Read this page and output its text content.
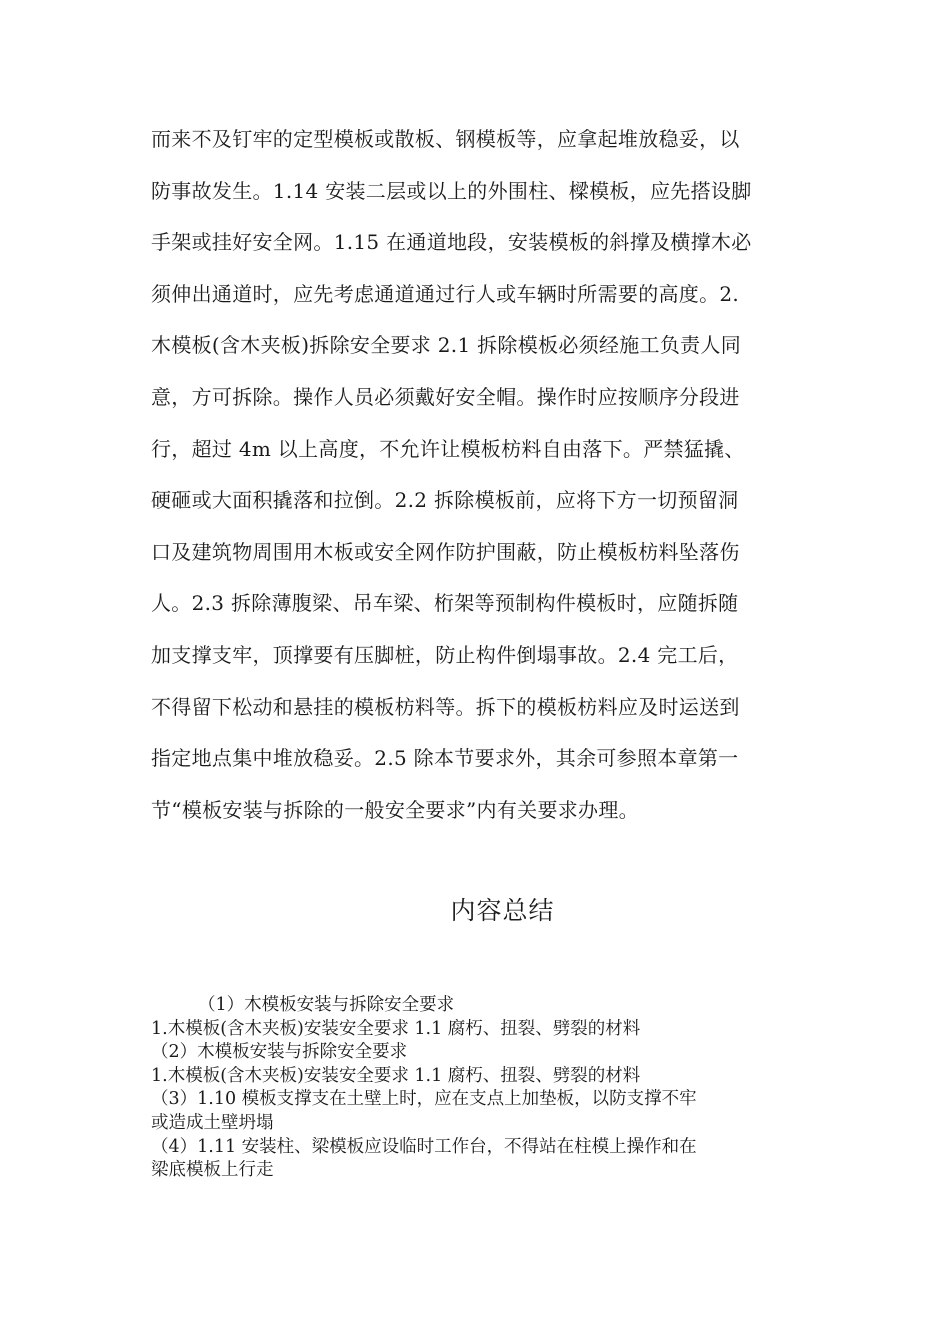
而来不及钉牢的定型模板或散板、钢模板等，应拿起堆放稳妥，以
防事故发生。1.14 安装二层或以上的外围柱、樑模板，应先搭设脚
手架或挂好安全网。1.15 在通道地段，安装模板的斜撑及横撑木必
须伸出通道时，应先考虑通道通过行人或车辆时所需要的高度。2.
木模板(含木夹板)拆除安全要求 2.1 拆除模板必须经施工负责人同
意，方可拆除。操作人员必须戴好安全帽。操作时应按顺序分段进
行，超过 4m 以上高度，不允许让模板枋料自由落下。严禁猛撬、
硬砸或大面积撬落和拉倒。2.2 拆除模板前，应将下方一切预留洞
口及建筑物周围用木板或安全网作防护围蔽，防止模板枋料坠落伤
人。2.3 拆除薄腹梁、吊车梁、桁架等预制构件模板时，应随拆随
加支撑支牢，顶撑要有压脚桩，防止构件倒塌事故。2.4 完工后，
不得留下松动和悬挂的模板枋料等。拆下的模板枋料应及时运送到
指定地点集中堆放稳妥。2.5 除本节要求外，其余可参照本章第一
节“模板安装与拆除的一般安全要求”内有关要求办理。
内容总结
（1）木模板安装与拆除安全要求
1.木模板(含木夹板)安装安全要求 1.1 腐朽、扭裂、劈裂的材料
（2）木模板安装与拆除安全要求
1.木模板(含木夹板)安装安全要求 1.1 腐朽、扭裂、劈裂的材料
（3）1.10 模板支撑支在土壁上时，应在支点上加垫板，以防支撑不牢
或造成土壁坍塌
（4）1.11 安装柱、梁模板应设临时工作台，不得站在柱模上操作和在
梁底模板上行走
